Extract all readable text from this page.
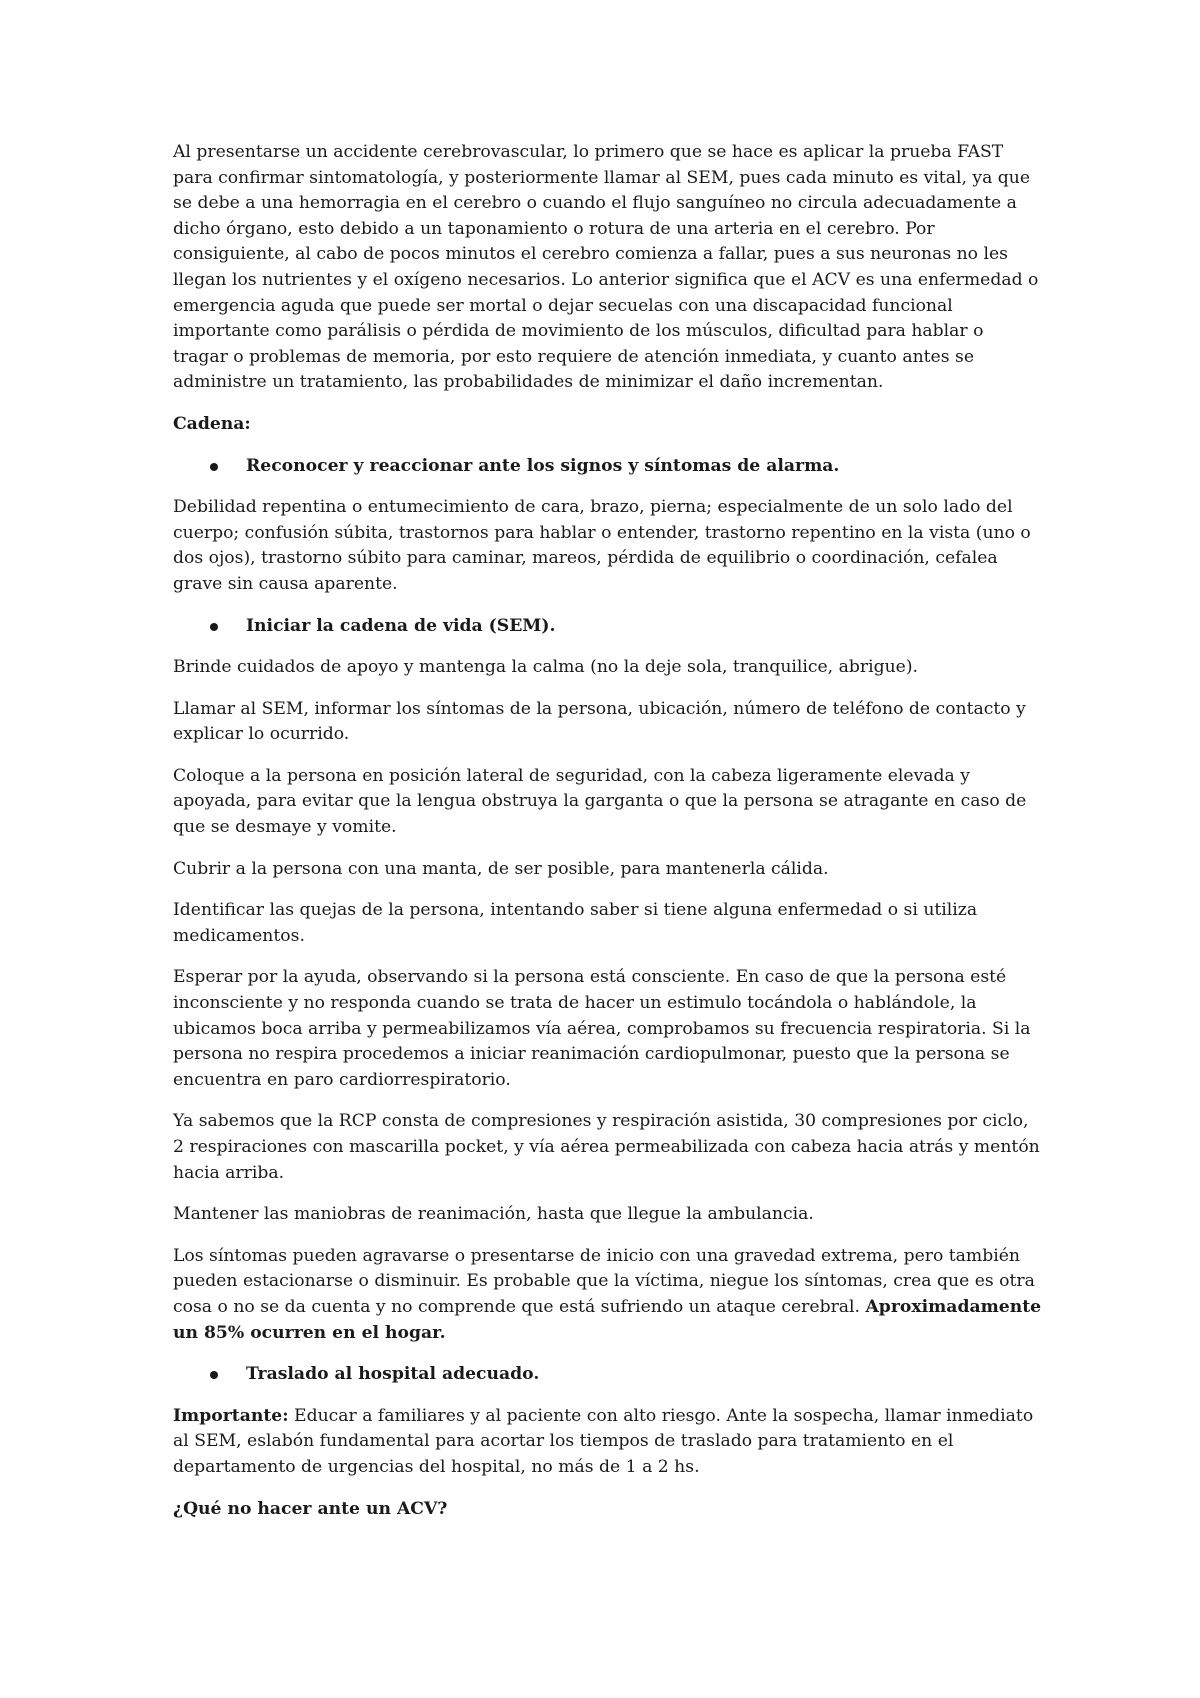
Al presentarse un accidente cerebrovascular, lo primero que se hace es aplicar la prueba FAST para confirmar sintomatología, y posteriormente llamar al SEM, pues cada minuto es vital, ya que se debe a una hemorragia en el cerebro o cuando el flujo sanguíneo no circula adecuadamente a dicho órgano, esto debido a un taponamiento o rotura de una arteria en el cerebro. Por consiguiente, al cabo de pocos minutos el cerebro comienza a fallar, pues a sus neuronas no les llegan los nutrientes y el oxígeno necesarios. Lo anterior significa que el ACV es una enfermedad o emergencia aguda que puede ser mortal o dejar secuelas con una discapacidad funcional importante como parálisis o pérdida de movimiento de los músculos, dificultad para hablar o tragar o problemas de memoria, por esto requiere de atención inmediata, y cuanto antes se administre un tratamiento, las probabilidades de minimizar el daño incrementan.

Cadena:

Reconocer y reaccionar ante los signos y síntomas de alarma.

Debilidad repentina o entumecimiento de cara, brazo, pierna; especialmente de un solo lado del cuerpo; confusión súbita, trastornos para hablar o entender, trastorno repentino en la vista (uno o dos ojos), trastorno súbito para caminar, mareos, pérdida de equilibrio o coordinación, cefalea grave sin causa aparente.

Iniciar la cadena de vida (SEM).

Brinde cuidados de apoyo y mantenga la calma (no la deje sola, tranquilice, abrigue).

Llamar al SEM, informar los síntomas de la persona, ubicación, número de teléfono de contacto y explicar lo ocurrido.

Coloque a la persona en posición lateral de seguridad, con la cabeza ligeramente elevada y apoyada, para evitar que la lengua obstruya la garganta o que la persona se atragante en caso de que se desmaye y vomite.

Cubrir a la persona con una manta, de ser posible, para mantenerla cálida.

Identificar las quejas de la persona, intentando saber si tiene alguna enfermedad o si utiliza medicamentos.

Esperar por la ayuda, observando si la persona está consciente. En caso de que la persona esté inconsciente y no responda cuando se trata de hacer un estimulo tocándola o hablándole, la ubicamos boca arriba y permeabilizamos vía aérea, comprobamos su frecuencia respiratoria. Si la persona no respira procedemos a iniciar reanimación cardiopulmonar, puesto que la persona se encuentra en paro cardiorrespiratorio.

Ya sabemos que la RCP consta de compresiones y respiración asistida, 30 compresiones por ciclo, 2 respiraciones con mascarilla pocket, y vía aérea permeabilizada con cabeza hacia atrás y mentón hacia arriba.

Mantener las maniobras de reanimación, hasta que llegue la ambulancia.

Los síntomas pueden agravarse o presentarse de inicio con una gravedad extrema, pero también pueden estacionarse o disminuir. Es probable que la víctima, niegue los síntomas, crea que es otra cosa o no se da cuenta y no comprende que está sufriendo un ataque cerebral. Aproximadamente un 85% ocurren en el hogar.

Traslado al hospital adecuado.

Importante: Educar a familiares y al paciente con alto riesgo. Ante la sospecha, llamar inmediato al SEM, eslabón fundamental para acortar los tiempos de traslado para tratamiento en el departamento de urgencias del hospital, no más de 1 a 2 hs.

¿Qué no hacer ante un ACV?
